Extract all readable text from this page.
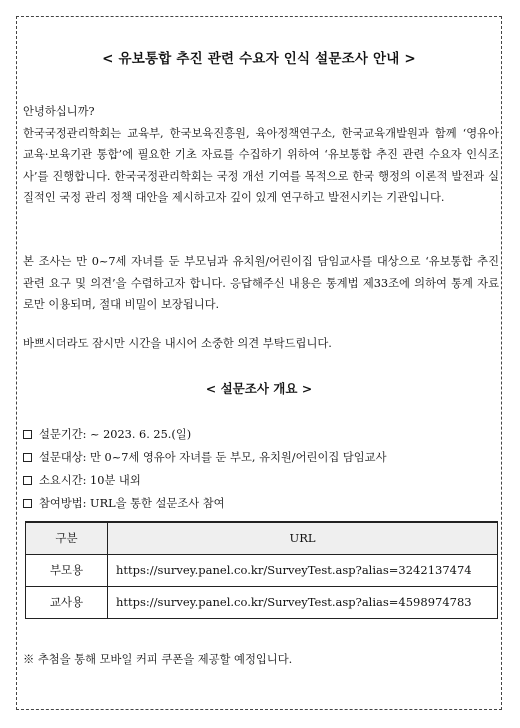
< 유보통합 추진 관련 수요자 인식 설문조사 안내 >

안녕하십니까?

한국국정관리학회는 교육부, 한국보육진흥원, 육아정책연구소, 한국교육개발원과 함께 ‘영유아 교육·보육기관 통합’에 필요한 기초 자료를 수집하기 위하여 ‘유보통합 추진 관련 수요자 인식조사’를 진행합니다. 한국국정관리학회는 국정 개선 기여를 목적으로 한국 행정의 이론적 발전과 실질적인 국정 관리 정책 대안을 제시하고자 깊이 있게 연구하고 발전시키는 기관입니다.

본 조사는 만 0~7세 자녀를 둔 부모님과 유치원/어린이집 담임교사를 대상으로 ‘유보통합 추진 관련 요구 및 의견’을 수렴하고자 합니다. 응답해주신 내용은 통계법 제33조에 의하여 통계 자료로만 이용되며, 절대 비밀이 보장됩니다.

바쁘시더라도 잠시만 시간을 내시어 소중한 의견 부탁드립니다.

< 설문조사 개요 >
설문기간: ~ 2023. 6. 25.(일)
설문대상: 만 0~7세 영유아 자녀를 둔 부모, 유치원/어린이집 담임교사
소요시간: 10분 내외
참여방법: URL을 통한 설문조사 참여
구분	URL
부모용	https://survey.panel.co.kr/SurveyTest.asp?alias=3242137474
교사용	https://survey.panel.co.kr/SurveyTest.asp?alias=4598974783
※ 추첨을 통해 모바일 커피 쿠폰을 제공할 예정입니다.
